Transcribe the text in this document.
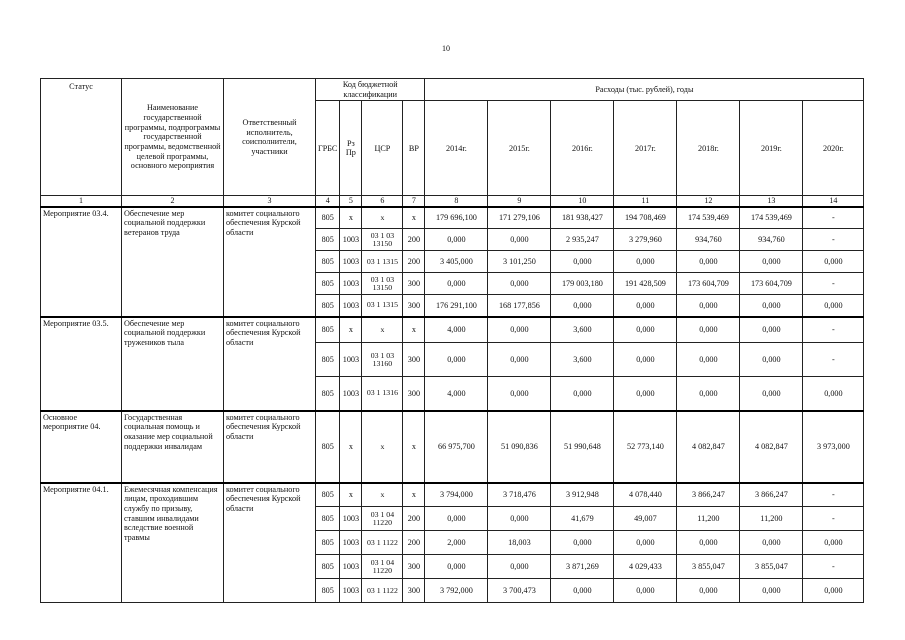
10
Статус	Наименование государственной программы, подпрограммы государственной программы, ведомственной целевой программы, основного мероприятия	Ответственный исполнитель, соисполнители, участники	Код бюджетной классификации				Расходы (тыс. рублей), годы						
			ГРБС	Рз Пр	ЦСР	ВР	2014г.	2015г.	2016г.	2017г.	2018г.	2019г.	2020г.
1	2	3	4	5	6	7	8	9	10	11	12	13	14
Мероприятие 03.4.	Обеспечение мер социальной поддержки ветеранов труда	комитет социального обеспечения Курской области	805	х	х	х	179 696,100	171 279,106	181 938,427	194 708,469	174 539,469	174 539,469	-
			805	1003	03 1 03 13150	200	0,000	0,000	2 935,247	3 279,960	934,760	934,760	-
			805	1003	03 1 1315	200	3 405,000	3 101,250	0,000	0,000	0,000	0,000	0,000
			805	1003	03 1 03 13150	300	0,000	0,000	179 003,180	191 428,509	173 604,709	173 604,709	-
			805	1003	03 1 1315	300	176 291,100	168 177,856	0,000	0,000	0,000	0,000	0,000
Мероприятие 03.5.	Обеспечение мер социальной поддержки тружеников тыла	комитет социального обеспечения Курской области	805	х	х	х	4,000	0,000	3,600	0,000	0,000	0,000	-
			805	1003	03 1 03 13160	300	0,000	0,000	3,600	0,000	0,000	0,000	-
			805	1003	03 1 1316	300	4,000	0,000	0,000	0,000	0,000	0,000	0,000
Основное мероприятие 04.	Государственная социальная помощь и оказание мер социальной поддержки инвалидам	комитет социального обеспечения Курской области	805	х	х	х	66 975,700	51 090,836	51 990,648	52 773,140	4 082,847	4 082,847	3 973,000
Мероприятие 04.1.	Ежемесячная компенсация лицам, проходившим службу по призыву, ставшим инвалидами вследствие военной травмы	комитет социального обеспечения Курской области	805	х	х	х	3 794,000	3 718,476	3 912,948	4 078,440	3 866,247	3 866,247	-
			805	1003	03 1 04 11220	200	0,000	0,000	41,679	49,007	11,200	11,200	-
			805	1003	03 1 1122	200	2,000	18,003	0,000	0,000	0,000	0,000	0,000
			805	1003	03 1 04 11220	300	0,000	0,000	3 871,269	4 029,433	3 855,047	3 855,047	-
			805	1003	03 1 1122	300	3 792,000	3 700,473	0,000	0,000	0,000	0,000	0,000
